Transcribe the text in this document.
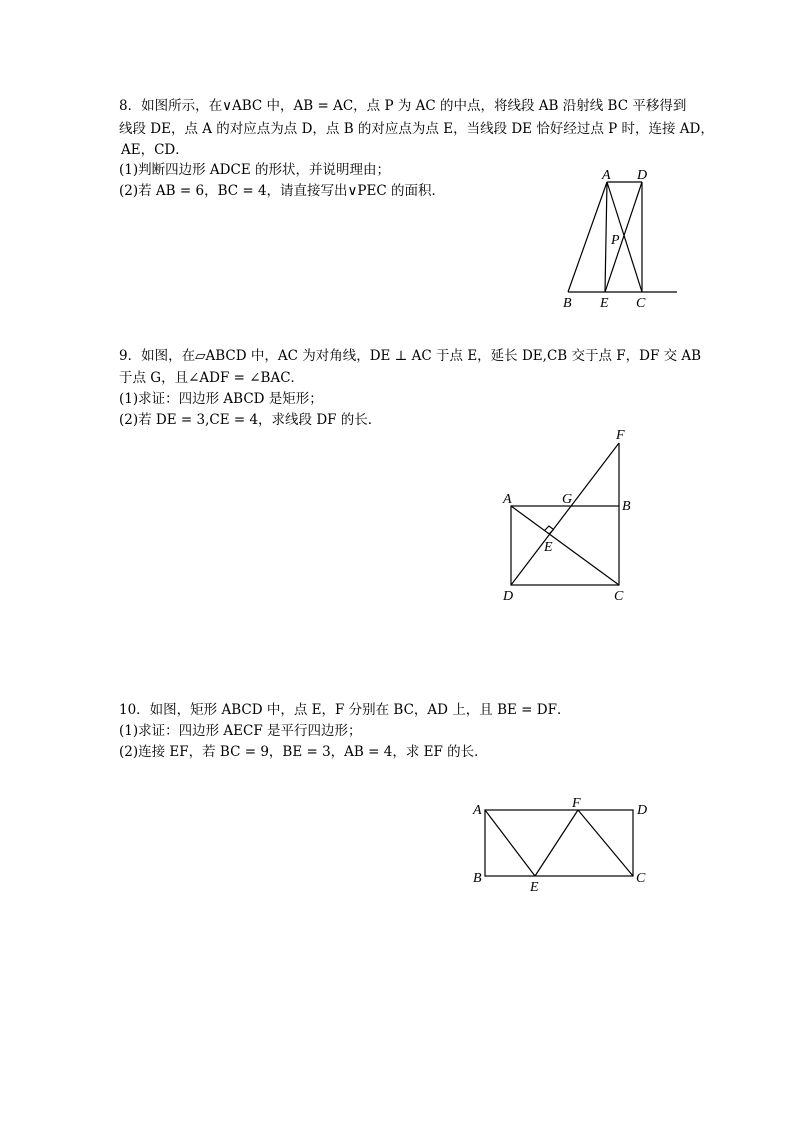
8．如图所示，在∨ABC 中，AB = AC，点 P 为 AC 的中点，将线段 AB 沿射线 BC 平移得到
线段 DE，点 A 的对应点为点 D，点 B 的对应点为点 E，当线段 DE 恰好经过点 P 时，连接 AD，
AE，CD．
(1)判断四边形 ADCE 的形状，并说明理由；
(2)若 AB = 6，BC = 4，请直接写出∨PEC 的面积．
A D
P
B E C
9．如图，在▱ABCD 中，AC 为对角线，DE ⊥ AC 于点 E，延长 DE,CB 交于点 F，DF 交 AB
于点 G，且∠ADF = ∠BAC．
(1)求证：四边形 ABCD 是矩形；
(2)若 DE = 3,CE = 4，求线段 DF 的长．
F
A	G	B
E
D	C
10．如图，矩形 ABCD 中，点 E，F 分别在 BC，AD 上，且 BE = DF．
(1)求证：四边形 AECF 是平行四边形；
(2)连接 EF，若 BC = 9，BE = 3，AB = 4，求 EF 的长．
A	F	D
B
E
C
